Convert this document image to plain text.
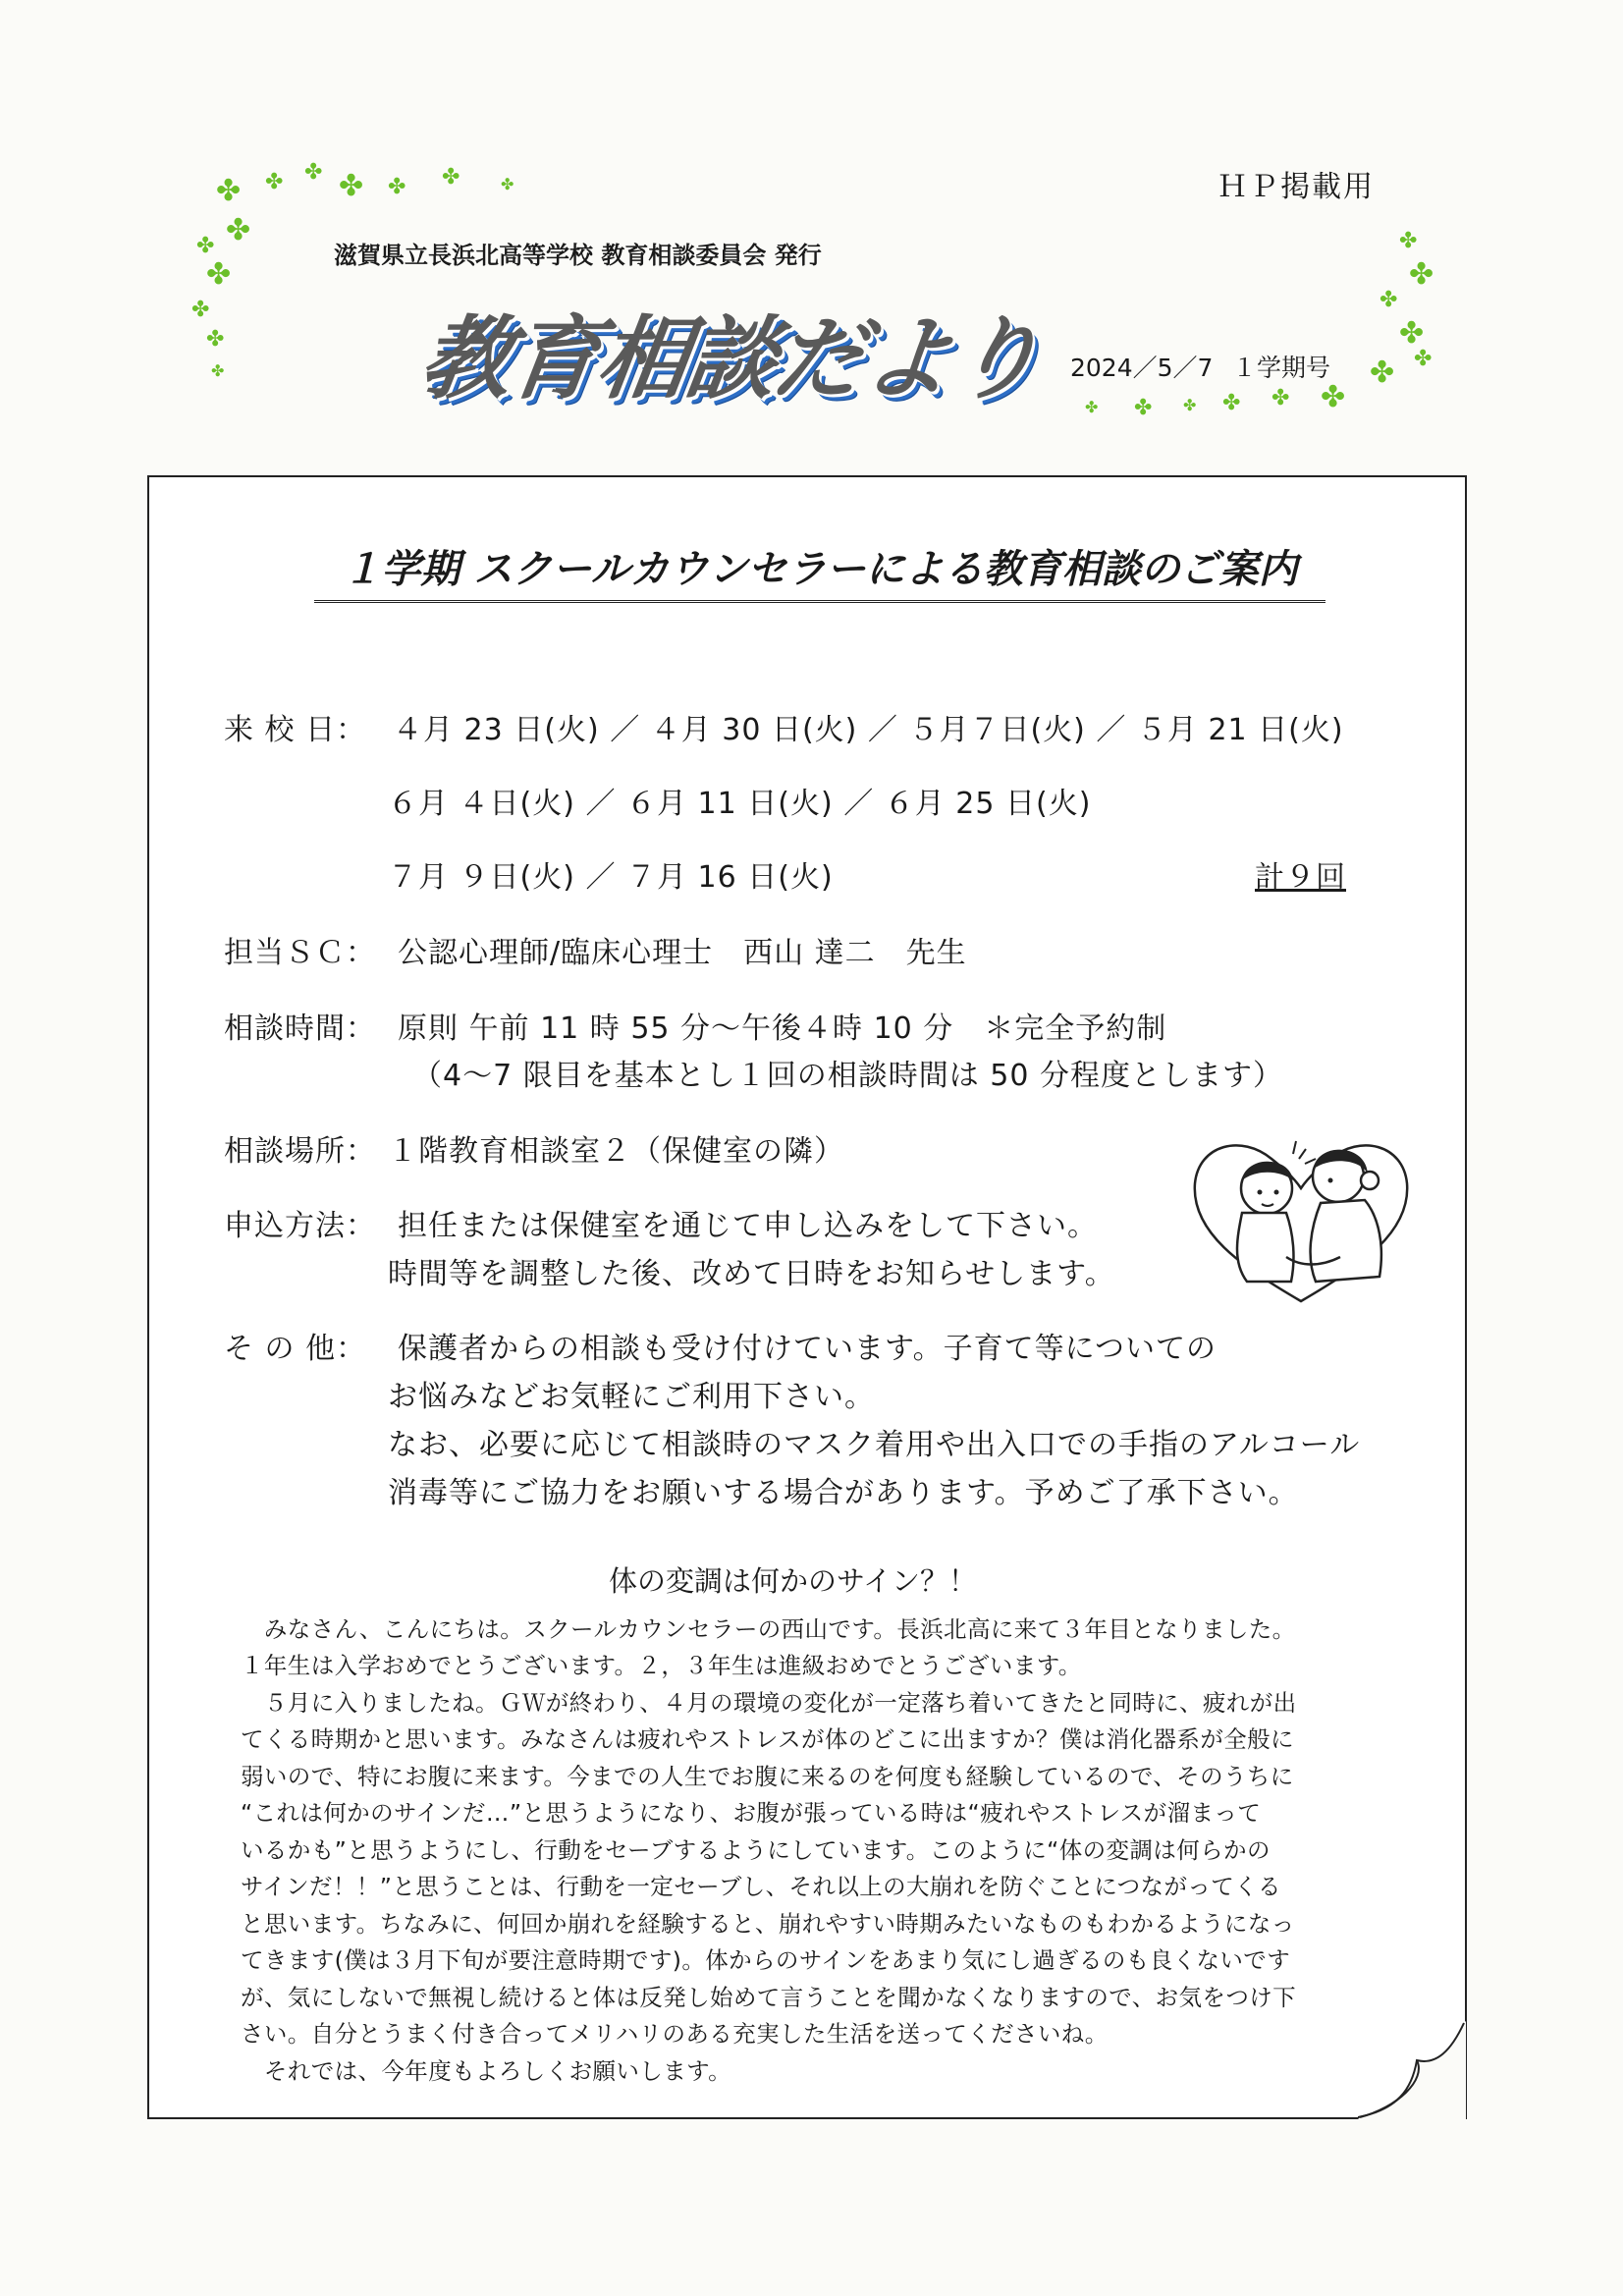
ＨＰ掲載用
✤ ✤ ✤ ✤ ✤ ✤	✤
✤
✤
✤
✤
✤
✤
✤
✤
✤
✤
✤
✤
✤
✤
✤
✤
✤
✤
滋賀県立長浜北高等学校 教育相談委員会 発行
教育相談だより 2024／5／7 １学期号
１学期 スクールカウンセラーによる教育相談のご案内
来 校 日： ４月 23 日(火) ／ ４月 30 日(火) ／ ５月７日(火) ／ ５月 21 日(火)
６月 ４日(火) ／ ６月 11 日(火) ／ ６月 25 日(火)
７月 ９日(火) ／ ７月 16 日(火)	計９回
担当ＳＣ： 公認心理師/臨床心理士　西山 達二　先生
相談時間： 原則 午前 11 時 55 分～午後４時 10 分　＊完全予約制
（4～7 限目を基本とし１回の相談時間は 50 分程度とします）
相談場所： １階教育相談室２（保健室の隣）
申込方法： 担任または保健室を通じて申し込みをして下さい。
時間等を調整した後、改めて日時をお知らせします。
そ の 他： 保護者からの相談も受け付けています。子育て等についての
お悩みなどお気軽にご利用下さい。
なお、必要に応じて相談時のマスク着用や出入口での手指のアルコール
消毒等にご協力をお願いする場合があります。予めご了承下さい。
体の変調は何かのサイン？！
　みなさん、こんにちは。スクールカウンセラーの西山です。長浜北高に来て３年目となりました。
１年生は入学おめでとうございます。２，３年生は進級おめでとうございます。
　５月に入りましたね。ＧＷが終わり、４月の環境の変化が一定落ち着いてきたと同時に、疲れが出
てくる時期かと思います。みなさんは疲れやストレスが体のどこに出ますか？僕は消化器系が全般に
弱いので、特にお腹に来ます。今までの人生でお腹に来るのを何度も経験しているので、そのうちに
“これは何かのサインだ…”と思うようになり、お腹が張っている時は“疲れやストレスが溜まって
いるかも”と思うようにし、行動をセーブするようにしています。このように“体の変調は何らかの
サインだ！！”と思うことは、行動を一定セーブし、それ以上の大崩れを防ぐことにつながってくる
と思います。ちなみに、何回か崩れを経験すると、崩れやすい時期みたいなものもわかるようになっ
てきます(僕は３月下旬が要注意時期です)。体からのサインをあまり気にし過ぎるのも良くないです
が、気にしないで無視し続けると体は反発し始めて言うことを聞かなくなりますので、お気をつけ下
さい。自分とうまく付き合ってメリハリのある充実した生活を送ってくださいね。
　それでは、今年度もよろしくお願いします。
